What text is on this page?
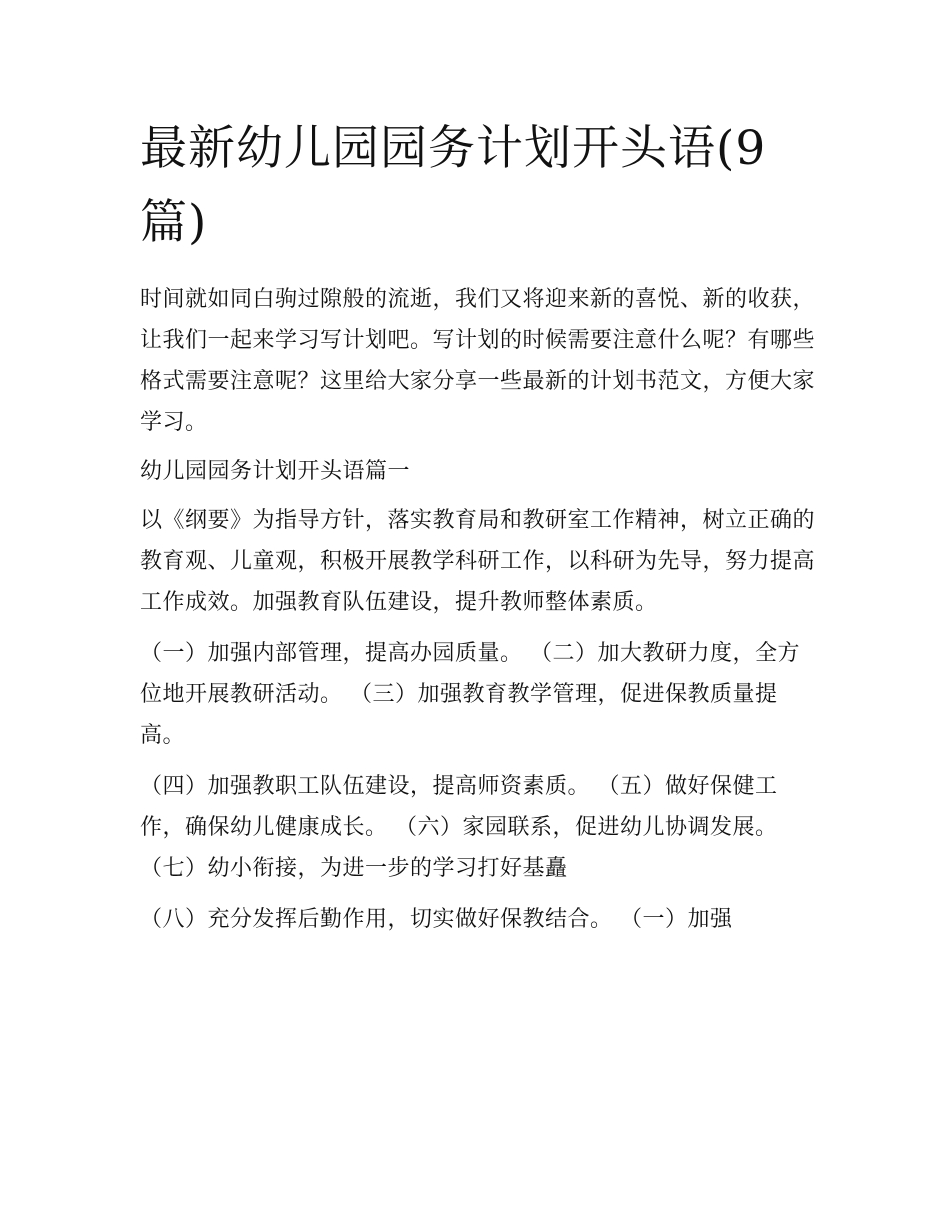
最新幼儿园园务计划开头语(9篇)

时间就如同白驹过隙般的流逝，我们又将迎来新的喜悦、新的收获，让我们一起来学习写计划吧。写计划的时候需要注意什么呢？有哪些格式需要注意呢？这里给大家分享一些最新的计划书范文，方便大家学习。

幼儿园园务计划开头语篇一

以《纲要》为指导方针，落实教育局和教研室工作精神，树立正确的教育观、儿童观，积极开展教学科研工作，以科研为先导，努力提高工作成效。加强教育队伍建设，提升教师整体素质。

（一）加强内部管理，提高办园质量。 （二）加大教研力度，全方位地开展教研活动。 （三）加强教育教学管理，促进保教质量提高。

（四）加强教职工队伍建设，提高师资素质。 （五）做好保健工作，确保幼儿健康成长。 （六）家园联系，促进幼儿协调发展。 （七）幼小衔接，为进一步的学习打好基矗

（八）充分发挥后勤作用，切实做好保教结合。 （一）加强
